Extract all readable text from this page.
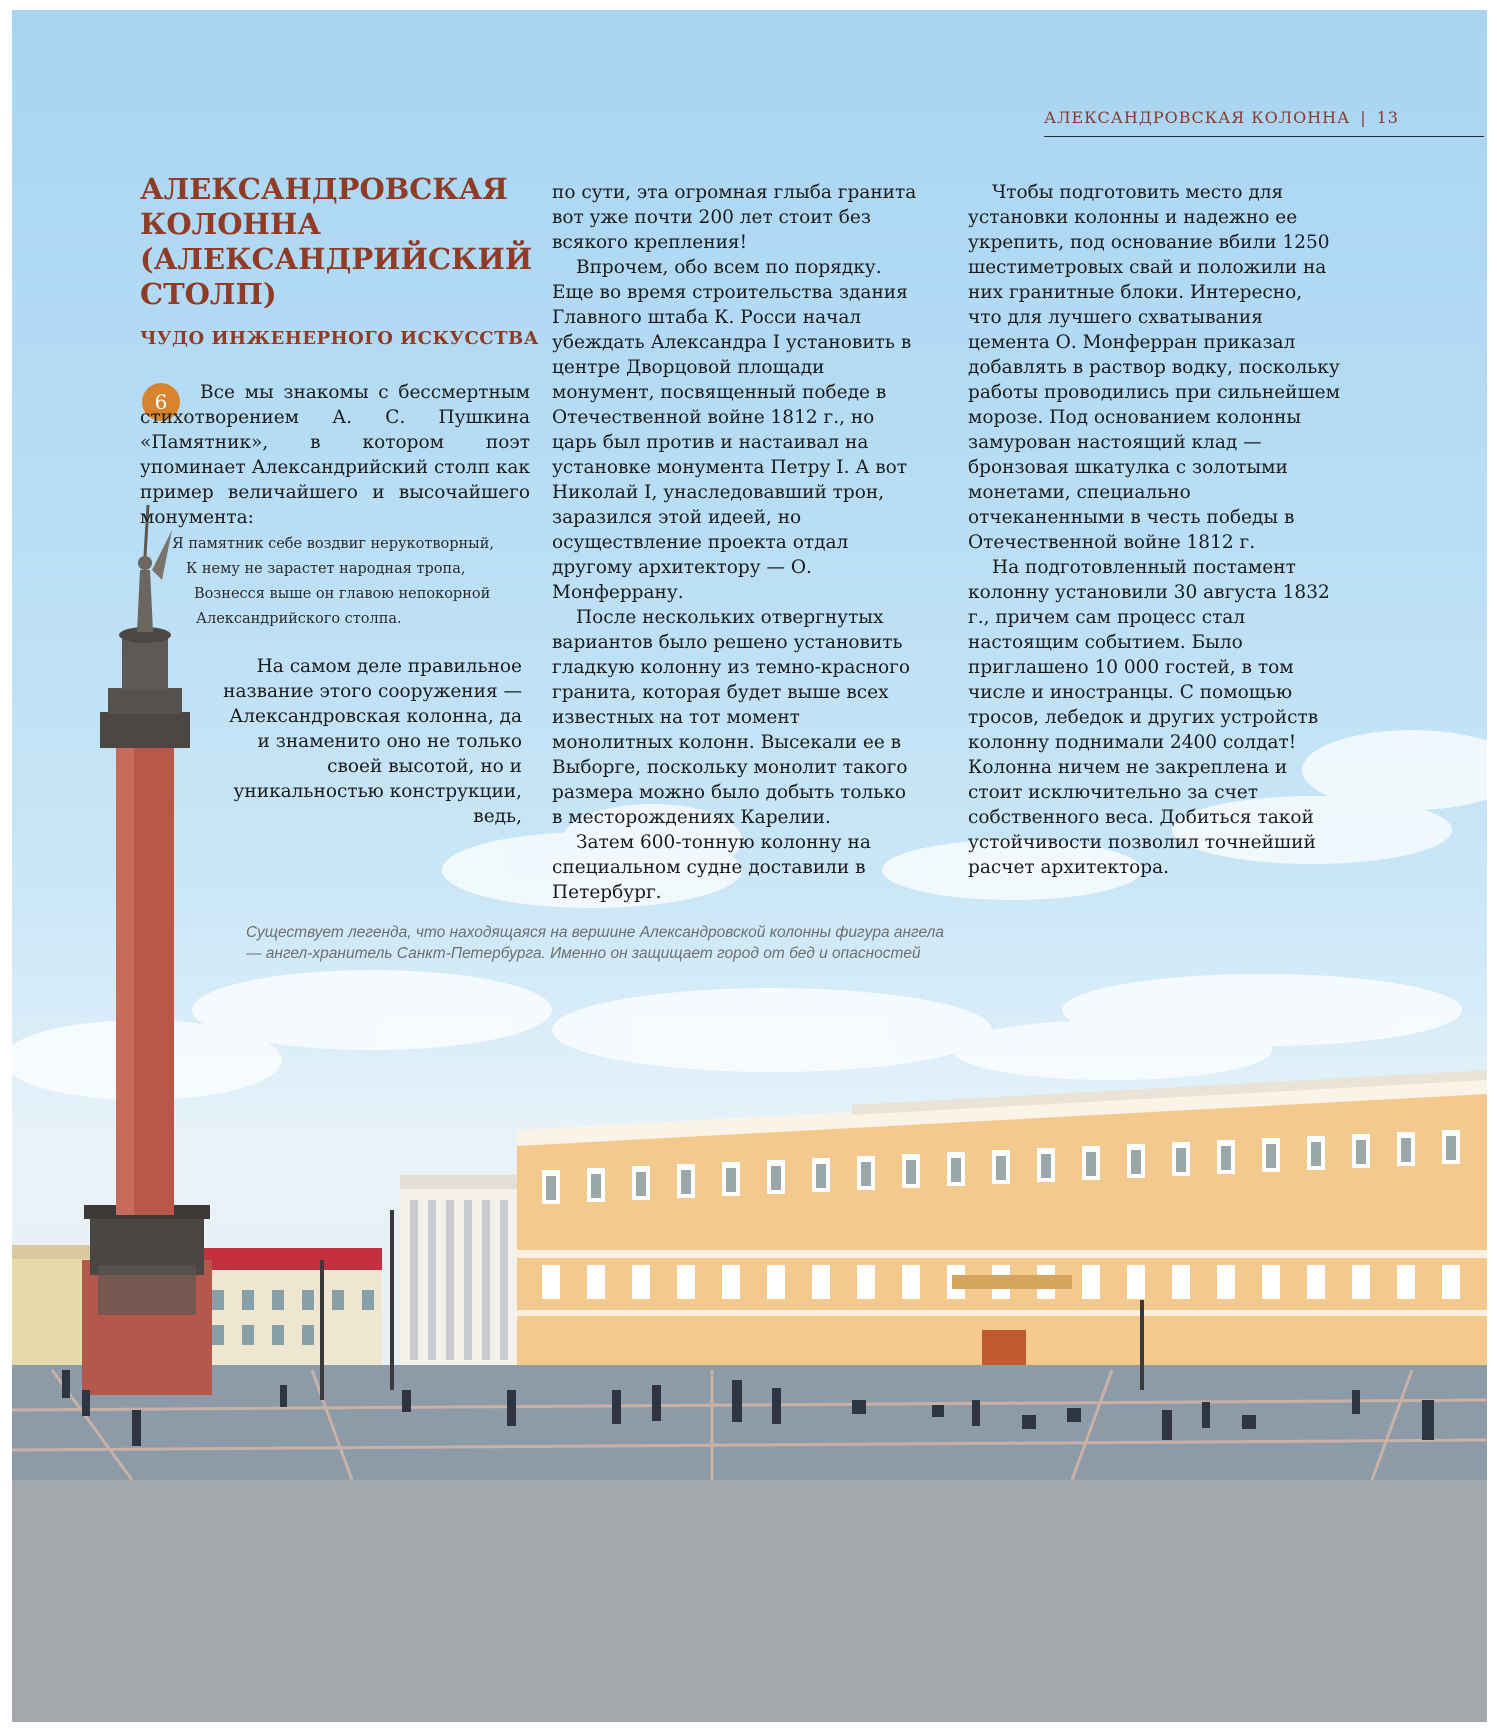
АЛЕКСАНДРОВСКАЯ КОЛОННА | 13
АЛЕКСАНДРОВСКАЯ КОЛОННА (АЛЕКСАНДРИЙСКИЙ СТОЛП)
ЧУДО ИНЖЕНЕРНОГО ИСКУССТВА
6	Все мы знакомы с бессмертным стихотворением А. С. Пушкина «Памятник», в котором поэт упоминает Александрийский столп как пример величайшего и высочайшего монумента:

Я памятник себе воздвиг нерукотворный,
К нему не зарастет народная тропа,
Вознесся выше он главою непокорной
Александрийского столпа.

На самом деле правильное название этого сооружения — Александровская колонна, да и знаменито оно не только своей высотой, но и уникальностью конструкции, ведь,

по сути, эта огромная глыба гранита вот уже почти 200 лет стоит без всякого крепления!

Впрочем, обо всем по порядку. Еще во время строительства здания Главного штаба К. Росси начал убеждать Александра I установить в центре Дворцовой площади монумент, посвященный победе в Отечественной войне 1812 г., но царь был против и настаивал на установке монумента Петру I. А вот Николай I, унаследовавший трон, заразился этой идеей, но осуществление проекта отдал другому архитектору — О. Монферрану.

После нескольких отвергнутых вариантов было решено установить гладкую колонну из темно-красного гранита, которая будет выше всех известных на тот момент монолитных колонн. Высекали ее в Выборге, поскольку монолит такого размера можно было добыть только в месторождениях Карелии.

Затем 600-тонную колонну на специальном судне доставили в Петербург.

Чтобы подготовить место для установки колонны и надежно ее укрепить, под основание вбили 1250 шестиметровых свай и положили на них гранитные блоки. Интересно, что для лучшего схватывания цемента О. Монферран приказал добавлять в раствор водку, поскольку работы проводились при сильнейшем морозе. Под основанием колонны замурован настоящий клад — бронзовая шкатулка с золотыми монетами, специально отчеканенными в честь победы в Отечественной войне 1812 г.

На подготовленный постамент колонну установили 30 августа 1832 г., причем сам процесс стал настоящим событием. Было приглашено 10 000 гостей, в том числе и иностранцы. С помощью тросов, лебедок и других устройств колонну поднимали 2400 солдат! Колонна ничем не закреплена и стоит исключительно за счет собственного веса. Добиться такой устойчивости позволил точнейший расчет архитектора.

Существует легенда, что находящаяся на вершине Александровской колонны фигура ангела — ангел-хранитель Санкт-Петербурга. Именно он защищает город от бед и опасностей
